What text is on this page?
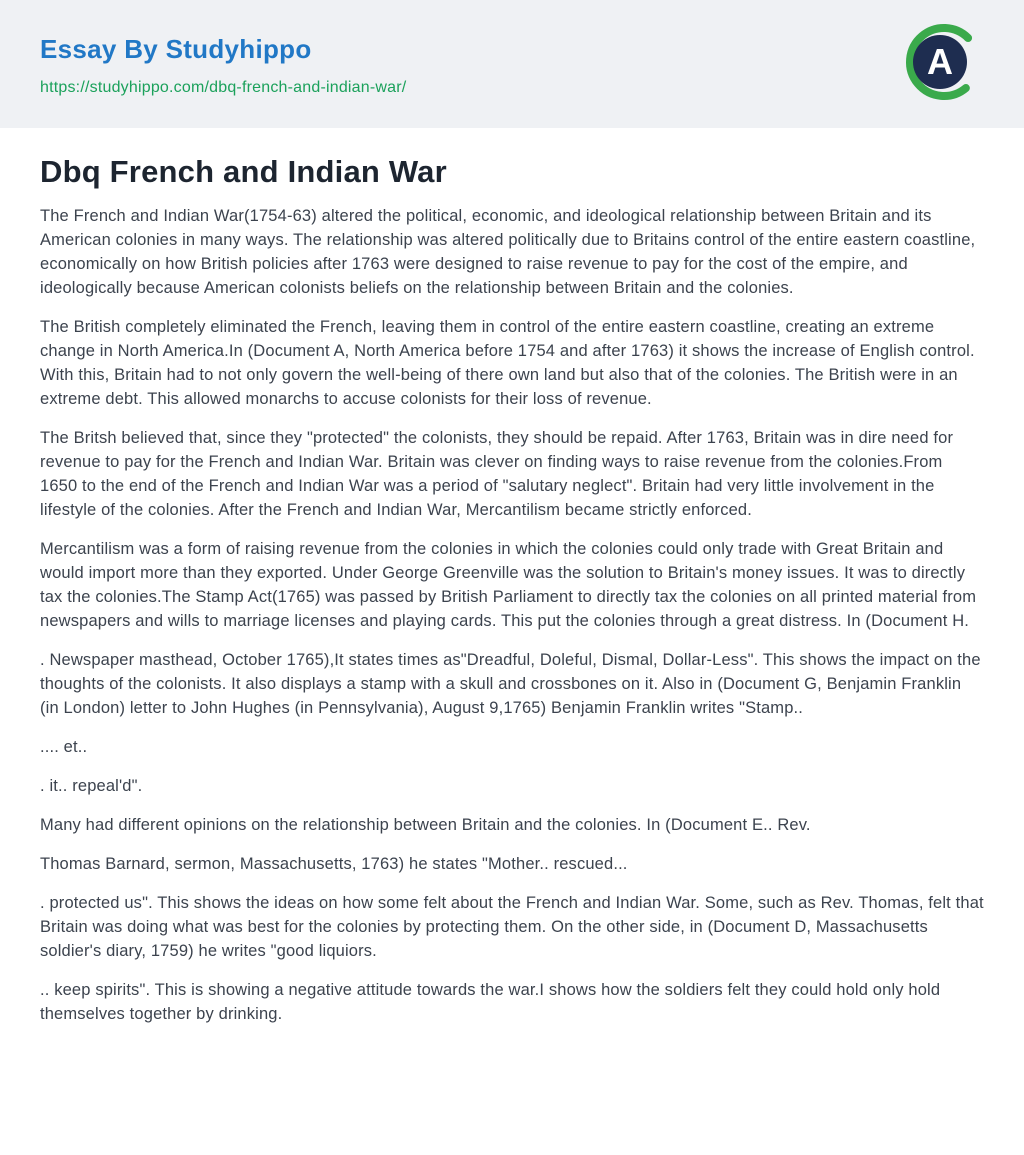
Essay By Studyhippo
https://studyhippo.com/dbq-french-and-indian-war/
A
Dbq French and Indian War

The French and Indian War(1754-63) altered the political, economic, and ideological relationship between Britain and its American colonies in many ways. The relationship was altered politically due to Britains control of the entire eastern coastline, economically on how British policies after 1763 were designed to raise revenue to pay for the cost of the empire, and ideologically because American colonists beliefs on the relationship between Britain and the colonies.

The British completely eliminated the French, leaving them in control of the entire eastern coastline, creating an extreme change in North America.In (Document A, North America before 1754 and after 1763) it shows the increase of English control. With this, Britain had to not only govern the well-being of there own land but also that of the colonies. The British were in an extreme debt. This allowed monarchs to accuse colonists for their loss of revenue.

The Britsh believed that, since they "protected" the colonists, they should be repaid. After 1763, Britain was in dire need for revenue to pay for the French and Indian War. Britain was clever on finding ways to raise revenue from the colonies.From 1650 to the end of the French and Indian War was a period of "salutary neglect". Britain had very little involvement in the lifestyle of the colonies. After the French and Indian War, Mercantilism became strictly enforced.

Mercantilism was a form of raising revenue from the colonies in which the colonies could only trade with Great Britain and would import more than they exported. Under George Greenville was the solution to Britain's money issues. It was to directly tax the colonies.The Stamp Act(1765) was passed by British Parliament to directly tax the colonies on all printed material from newspapers and wills to marriage licenses and playing cards. This put the colonies through a great distress. In (Document H.

. Newspaper masthead, October 1765),It states times as"Dreadful, Doleful, Dismal, Dollar-Less". This shows the impact on the thoughts of the colonists. It also displays a stamp with a skull and crossbones on it. Also in (Document G, Benjamin Franklin (in London) letter to John Hughes (in Pennsylvania), August 9,1765) Benjamin Franklin writes "Stamp..

.... et..

. it.. repeal'd".

Many had different opinions on the relationship between Britain and the colonies. In (Document E.. Rev.

Thomas Barnard, sermon, Massachusetts, 1763) he states "Mother.. rescued...

. protected us". This shows the ideas on how some felt about the French and Indian War. Some, such as Rev. Thomas, felt that Britain was doing what was best for the colonies by protecting them. On the other side, in (Document D, Massachusetts soldier's diary, 1759) he writes "good liquiors.

.. keep spirits". This is showing a negative attitude towards the war.I shows how the soldiers felt they could hold only hold themselves together by drinking.
